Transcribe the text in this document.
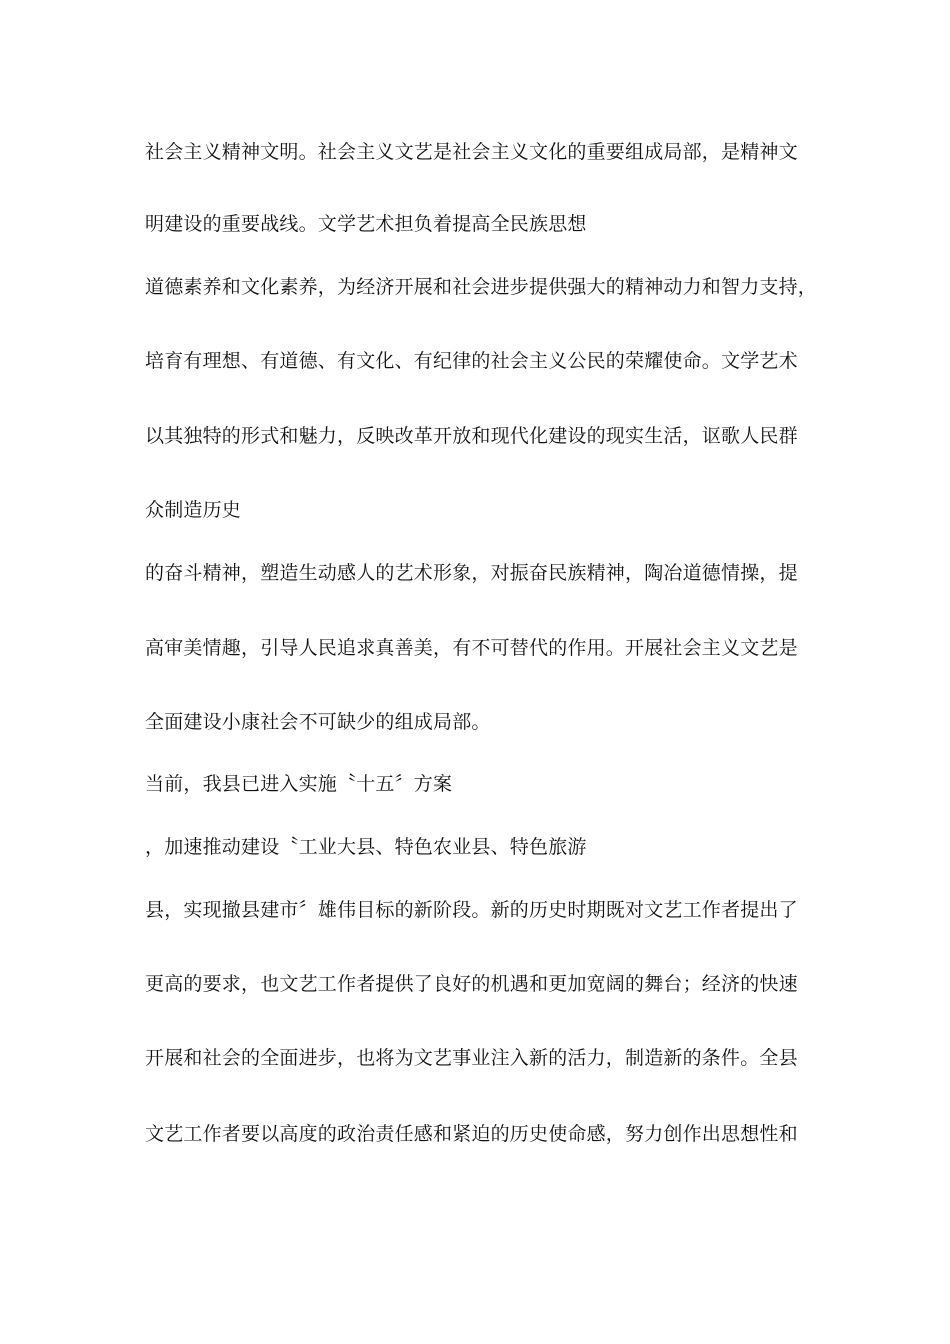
社会主义精神文明。社会主义文艺是社会主义文化的重要组成局部，是精神文
明建设的重要战线。文学艺术担负着提高全民族思想
道德素养和文化素养，为经济开展和社会进步提供强大的精神动力和智力支持，
培育有理想、有道德、有文化、有纪律的社会主义公民的荣耀使命。文学艺术
以其独特的形式和魅力，反映改革开放和现代化建设的现实生活，讴歌人民群
众制造历史
的奋斗精神，塑造生动感人的艺术形象，对振奋民族精神，陶冶道德情操，提
高审美情趣，引导人民追求真善美，有不可替代的作用。开展社会主义文艺是
全面建设小康社会不可缺少的组成局部。
当前，我县已进入实施〝十五〞方案
，加速推动建设〝工业大县、特色农业县、特色旅游
县，实现撤县建市〞雄伟目标的新阶段。新的历史时期既对文艺工作者提出了
更高的要求，也文艺工作者提供了良好的机遇和更加宽阔的舞台；经济的快速
开展和社会的全面进步，也将为文艺事业注入新的活力，制造新的条件。全县
文艺工作者要以高度的政治责任感和紧迫的历史使命感，努力创作出思想性和
